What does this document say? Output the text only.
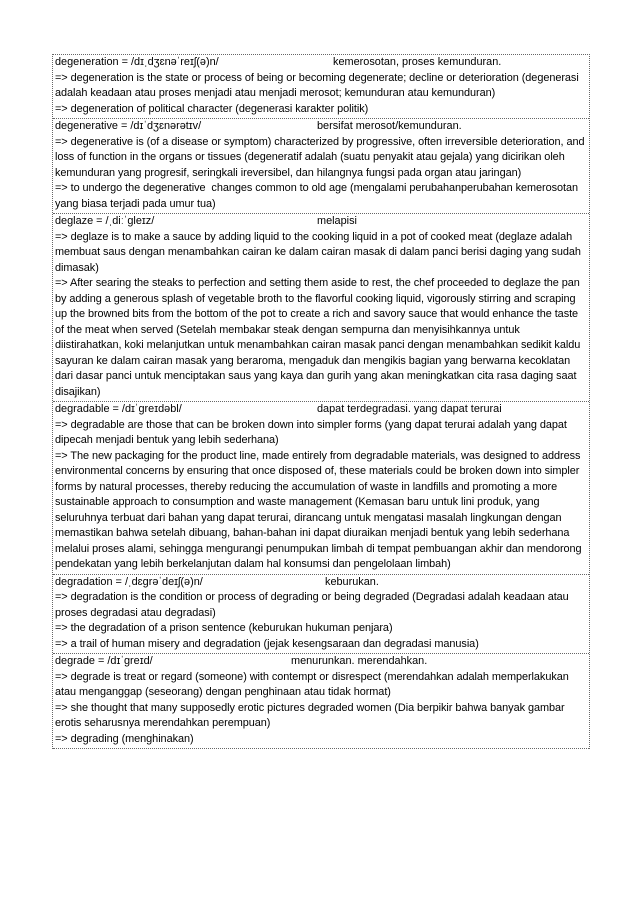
degeneration = /dɪˌdʒɛnəˈreɪʃ(ə)n/	kemerosotan, proses kemunduran.
=> degeneration is the state or process of being or becoming degenerate; decline or deterioration (degenerasi adalah keadaan atau proses menjadi atau menjadi merosot; kemunduran atau kemunduran)
=> degeneration of political character (degenerasi karakter politik)
degenerative = /dɪˈdʒɛnərətɪv/	bersifat merosot/kemunduran.
=> degenerative is (of a disease or symptom) characterized by progressive, often irreversible deterioration, and loss of function in the organs or tissues (degeneratif adalah (suatu penyakit atau gejala) yang dicirikan oleh kemunduran yang progresif, seringkali ireversibel, dan hilangnya fungsi pada organ atau jaringan)
=> to undergo the degenerative  changes common to old age (mengalami perubahanperubahan kemerosotan yang biasa terjadi pada umur tua)
deglaze = /ˌdiːˈgleɪz/	melapisi
=> deglaze is to make a sauce by adding liquid to the cooking liquid in a pot of cooked meat (deglaze adalah membuat saus dengan menambahkan cairan ke dalam cairan masak di dalam panci berisi daging yang sudah dimasak)
=> After searing the steaks to perfection and setting them aside to rest, the chef proceeded to deglaze the pan by adding a generous splash of vegetable broth to the flavorful cooking liquid, vigorously stirring and scraping up the browned bits from the bottom of the pot to create a rich and savory sauce that would enhance the taste of the meat when served (Setelah membakar steak dengan sempurna dan menyisihkannya untuk diistirahatkan, koki melanjutkan untuk menambahkan cairan masak panci dengan menambahkan sedikit kaldu sayuran ke dalam cairan masak yang beraroma, mengaduk dan mengikis bagian yang berwarna kecoklatan dari dasar panci untuk menciptakan saus yang kaya dan gurih yang akan meningkatkan cita rasa daging saat disajikan)
degradable = /dɪˈgreɪdəbl/	dapat terdegradasi. yang dapat terurai
=> degradable are those that can be broken down into simpler forms (yang dapat terurai adalah yang dapat dipecah menjadi bentuk yang lebih sederhana)
=> The new packaging for the product line, made entirely from degradable materials, was designed to address environmental concerns by ensuring that once disposed of, these materials could be broken down into simpler forms by natural processes, thereby reducing the accumulation of waste in landfills and promoting a more sustainable approach to consumption and waste management (Kemasan baru untuk lini produk, yang seluruhnya terbuat dari bahan yang dapat terurai, dirancang untuk mengatasi masalah lingkungan dengan memastikan bahwa setelah dibuang, bahan-bahan ini dapat diuraikan menjadi bentuk yang lebih sederhana melalui proses alami, sehingga mengurangi penumpukan limbah di tempat pembuangan akhir dan mendorong pendekatan yang lebih berkelanjutan dalam hal konsumsi dan pengelolaan limbah)
degradation = /ˌdɛgrəˈdeɪʃ(ə)n/	keburukan.
=> degradation is the condition or process of degrading or being degraded (Degradasi adalah keadaan atau proses degradasi atau degradasi)
=> the degradation of a prison sentence (keburukan hukuman penjara)
=> a trail of human misery and degradation (jejak kesengsaraan dan degradasi manusia)
degrade = /dɪˈgreɪd/	menurunkan. merendahkan.
=> degrade is treat or regard (someone) with contempt or disrespect (merendahkan adalah memperlakukan atau menganggap (seseorang) dengan penghinaan atau tidak hormat)
=> she thought that many supposedly erotic pictures degraded women (Dia berpikir bahwa banyak gambar erotis seharusnya merendahkan perempuan)
=> degrading (menghinakan)
